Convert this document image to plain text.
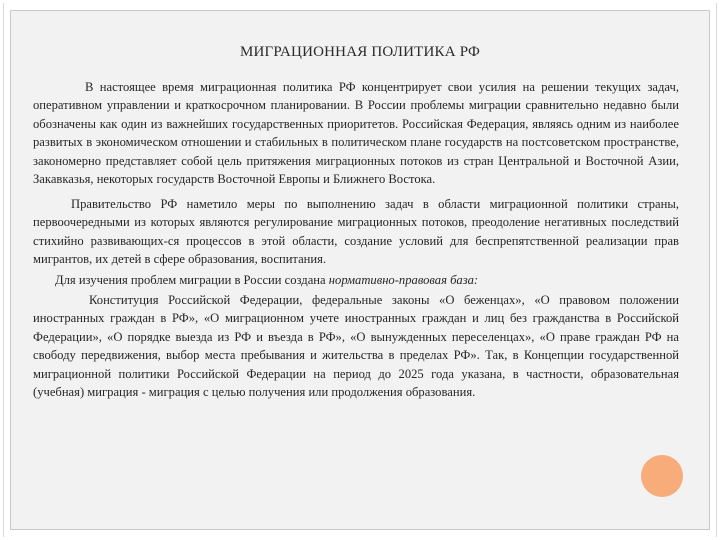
МИГРАЦИОННАЯ ПОЛИТИКА РФ

В настоящее время миграционная политика РФ концентрирует свои усилия на решении текущих задач, оперативном управлении и краткосрочном планировании. В России проблемы миграции сравнительно недавно были обозначены как один из важнейших государственных приоритетов. Российская Федерация, являясь одним из наиболее развитых в экономическом отношении и стабильных в политическом плане государств на постсоветском пространстве, закономерно представляет собой цель притяжения миграционных потоков из стран Центральной и Восточной Азии, Закавказья, некоторых государств Восточной Европы и Ближнего Востока.

Правительство РФ наметило меры по выполнению задач в области миграционной политики страны, первоочередными из которых являются регулирование миграционных потоков, преодоление негативных последствий стихийно развивающих-ся процессов в этой области, создание условий для беспрепятственной реализации прав мигрантов, их детей в сфере образования, воспитания.

Для изучения проблем миграции в России создана нормативно-правовая база:

Конституция Российской Федерации, федеральные законы «О беженцах», «О правовом положении иностранных граждан в РФ», «О миграционном учете иностранных граждан и лиц без гражданства в Российской Федерации», «О порядке выезда из РФ и въезда в РФ», «О вынужденных переселенцах», «О праве граждан РФ на свободу передвижения, выбор места пребывания и жительства в пределах РФ». Так, в Концепции государственной миграционной политики Российской Федерации на период до 2025 года указана, в частности, образовательная (учебная) миграция - миграция с целью получения или продолжения образования.
